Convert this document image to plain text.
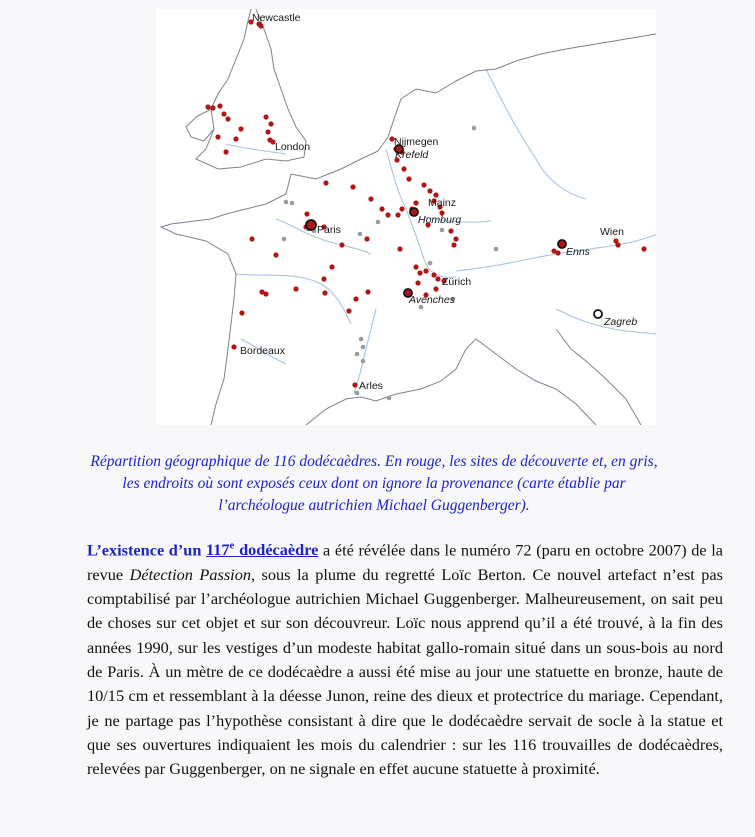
Newcastle
London	Nijmegen
Krefeld
Mainz
Homburg
Wien
Enns
Paris
Zürich
Avenches
Zagreb
Bordeaux
Arles

Répartition géographique de 116 dodécaèdres. En rouge, les sites de découverte et, en gris, les endroits où sont exposés ceux dont on ignore la provenance (carte établie par l’archéologue autrichien Michael Guggenberger).

L’existence d’un 117e dodécaèdre a été révélée dans le numéro 72 (paru en octobre 2007) de la revue Détection Passion, sous la plume du regretté Loïc Berton. Ce nouvel artefact n’est pas comptabilisé par l’archéologue autrichien Michael Guggenberger. Malheureusement, on sait peu de choses sur cet objet et sur son découvreur. Loïc nous apprend qu’il a été trouvé, à la fin des années 1990, sur les vestiges d’un modeste habitat gallo-romain situé dans un sous-bois au nord de Paris. À un mètre de ce dodécaèdre a aussi été mise au jour une statuette en bronze, haute de 10/15 cm et ressemblant à la déesse Junon, reine des dieux et protectrice du mariage. Cependant, je ne partage pas l’hypothèse consistant à dire que le dodécaèdre servait de socle à la statue et que ses ouvertures indiquaient les mois du calendrier : sur les 116 trouvailles de dodécaèdres, relevées par Guggenberger, on ne signale en effet aucune statuette à proximité.
